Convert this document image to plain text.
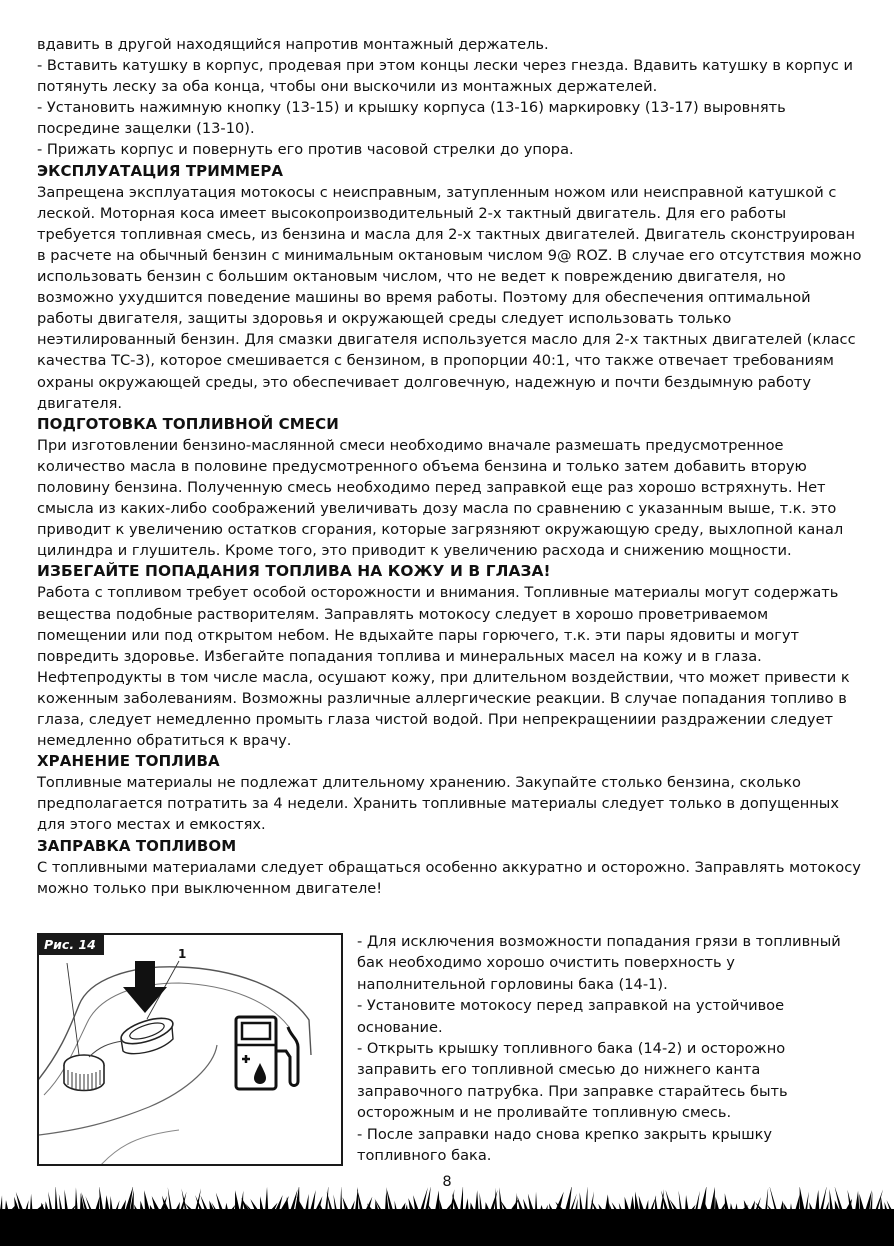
вдавить в другой находящийся напротив монтажный держатель.

- Вставить катушку в корпус, продевая при этом концы лески через гнезда. Вдавить катушку в корпус и потянуть леску за оба конца, чтобы они выскочили из монтажных держателей.

- Установить нажимную кнопку (13-15) и крышку корпуса (13-16) маркировку (13-17) выровнять посредине защелки (13-10).

- Прижать корпус и повернуть его против часовой стрелки до упора.

ЭКСПЛУАТАЦИЯ ТРИММЕРА

Запрещена эксплуатация мотокосы с неисправным, затупленным ножом или неисправной катушкой с леской. Моторная коса имеет высокопроизводительный 2-х тактный двигатель. Для его работы требуется топливная смесь, из бензина и масла для 2-х тактных двигателей. Двигатель сконструирован в расчете на обычный бензин с минимальным октановым числом 9@ ROZ. В случае его отсутствия можно использовать бензин с большим октановым числом, что не ведет к повреждению двигателя, но возможно ухудшится поведение машины во время работы. Поэтому для обеспечения оптимальной работы двигателя, защиты здоровья и окружающей среды следует использовать только неэтилированный бензин. Для смазки двигателя используется масло для 2-х тактных двигателей (класс качества ТС-3), которое смешивается с бензином, в пропорции 40:1, что также отвечает требованиям охраны окружающей среды, это обеспечивает долговечную, надежную и почти бездымную работу двигателя.

ПОДГОТОВКА ТОПЛИВНОЙ СМЕСИ

При изготовлении бензино-маслянной смеси необходимо вначале размешать предусмотренное количество масла в половине предусмотренного объема бензина и только затем добавить вторую половину бензина. Полученную смесь необходимо перед заправкой еще раз хорошо встряхнуть. Нет смысла из каких-либо соображений увеличивать дозу масла по сравнению с указанным выше, т.к. это приводит к увеличению остатков сгорания, которые загрязняют окружающую среду, выхлопной канал цилиндра и глушитель. Кроме того, это приводит к увеличению расхода и снижению мощности.

ИЗБЕГАЙТЕ ПОПАДАНИЯ ТОПЛИВА НА КОЖУ И В ГЛАЗА!

Работа с топливом требует особой осторожности и внимания. Топливные материалы могут содержать вещества подобные растворителям. Заправлять мотокосу следует в хорошо проветриваемом помещении или под открытом небом. Не вдыхайте пары горючего, т.к. эти пары ядовиты и могут повредить здоровье. Избегайте попадания топлива и минеральных масел на кожу и в глаза. Нефтепродукты в том числе масла, осушают кожу, при длительном воздействии, что может привести к коженным заболеваниям. Возможны различные аллергические реакции. В случае попадания топливо в глаза, следует немедленно промыть глаза чистой водой. При непрекращениии раздражении следует немедленно обратиться к врачу.

ХРАНЕНИЕ ТОПЛИВА

Топливные материалы не подлежат длительному хранению. Закупайте столько бензина, сколько предполагается потратить за 4 недели. Хранить топливные материалы следует только в допущенных для этого местах и емкостях.

ЗАПРАВКА ТОПЛИВОМ

С топливными материалами следует обращаться особенно аккуратно и осторожно. Заправлять мотокосу можно только при выключенном двигателе!

Рис. 14
1

- Для исключения возможности попадания грязи в топливный бак необходимо хорошо очистить поверхность у наполнительной горловины бака (14-1).

- Установите мотокосу перед заправкой на устойчивое основание.

- Открыть крышку топливного бака (14-2) и осторожно заправить его топливной смесью до нижнего канта заправочного патрубка. При заправке старайтесь быть осторожным и не проливайте топливную смесь.

- После заправки надо снова крепко закрыть крышку топливного бака.

8
